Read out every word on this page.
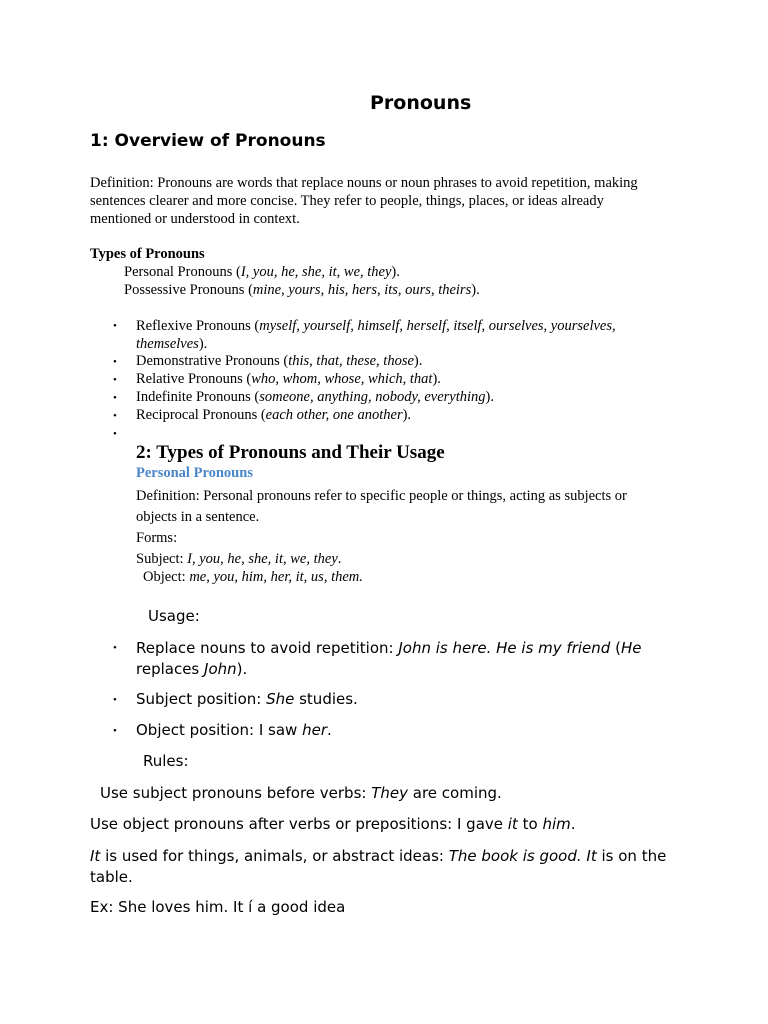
Pronouns
1: Overview of Pronouns
Definition: Pronouns are words that replace nouns or noun phrases to avoid repetition, making
sentences clearer and more concise. They refer to people, things, places, or ideas already
mentioned or understood in context.
Types of Pronouns
Personal Pronouns (I, you, he, she, it, we, they).
Possessive Pronouns (mine, yours, his, hers, its, ours, theirs).
• Reflexive Pronouns (myself, yourself, himself, herself, itself, ourselves, yourselves,
themselves).
• Demonstrative Pronouns (this, that, these, those).
• Relative Pronouns (who, whom, whose, which, that).
• Indefinite Pronouns (someone, anything, nobody, everything).
• Reciprocal Pronouns (each other, one another).
•
2: Types of Pronouns and Their Usage
Personal Pronouns
Definition: Personal pronouns refer to specific people or things, acting as subjects or
objects in a sentence.
Forms:
Subject: I, you, he, she, it, we, they.
Object: me, you, him, her, it, us, them.
Usage:
• Replace nouns to avoid repetition: John is here. He is my friend (He
replaces John).
• Subject position: She studies.
• Object position: I saw her.
Rules:
Use subject pronouns before verbs: They are coming.
Use object pronouns after verbs or prepositions: I gave it to him.
It is used for things, animals, or abstract ideas: The book is good. It is on the
table.
Ex: She loves him. It í a good idea
